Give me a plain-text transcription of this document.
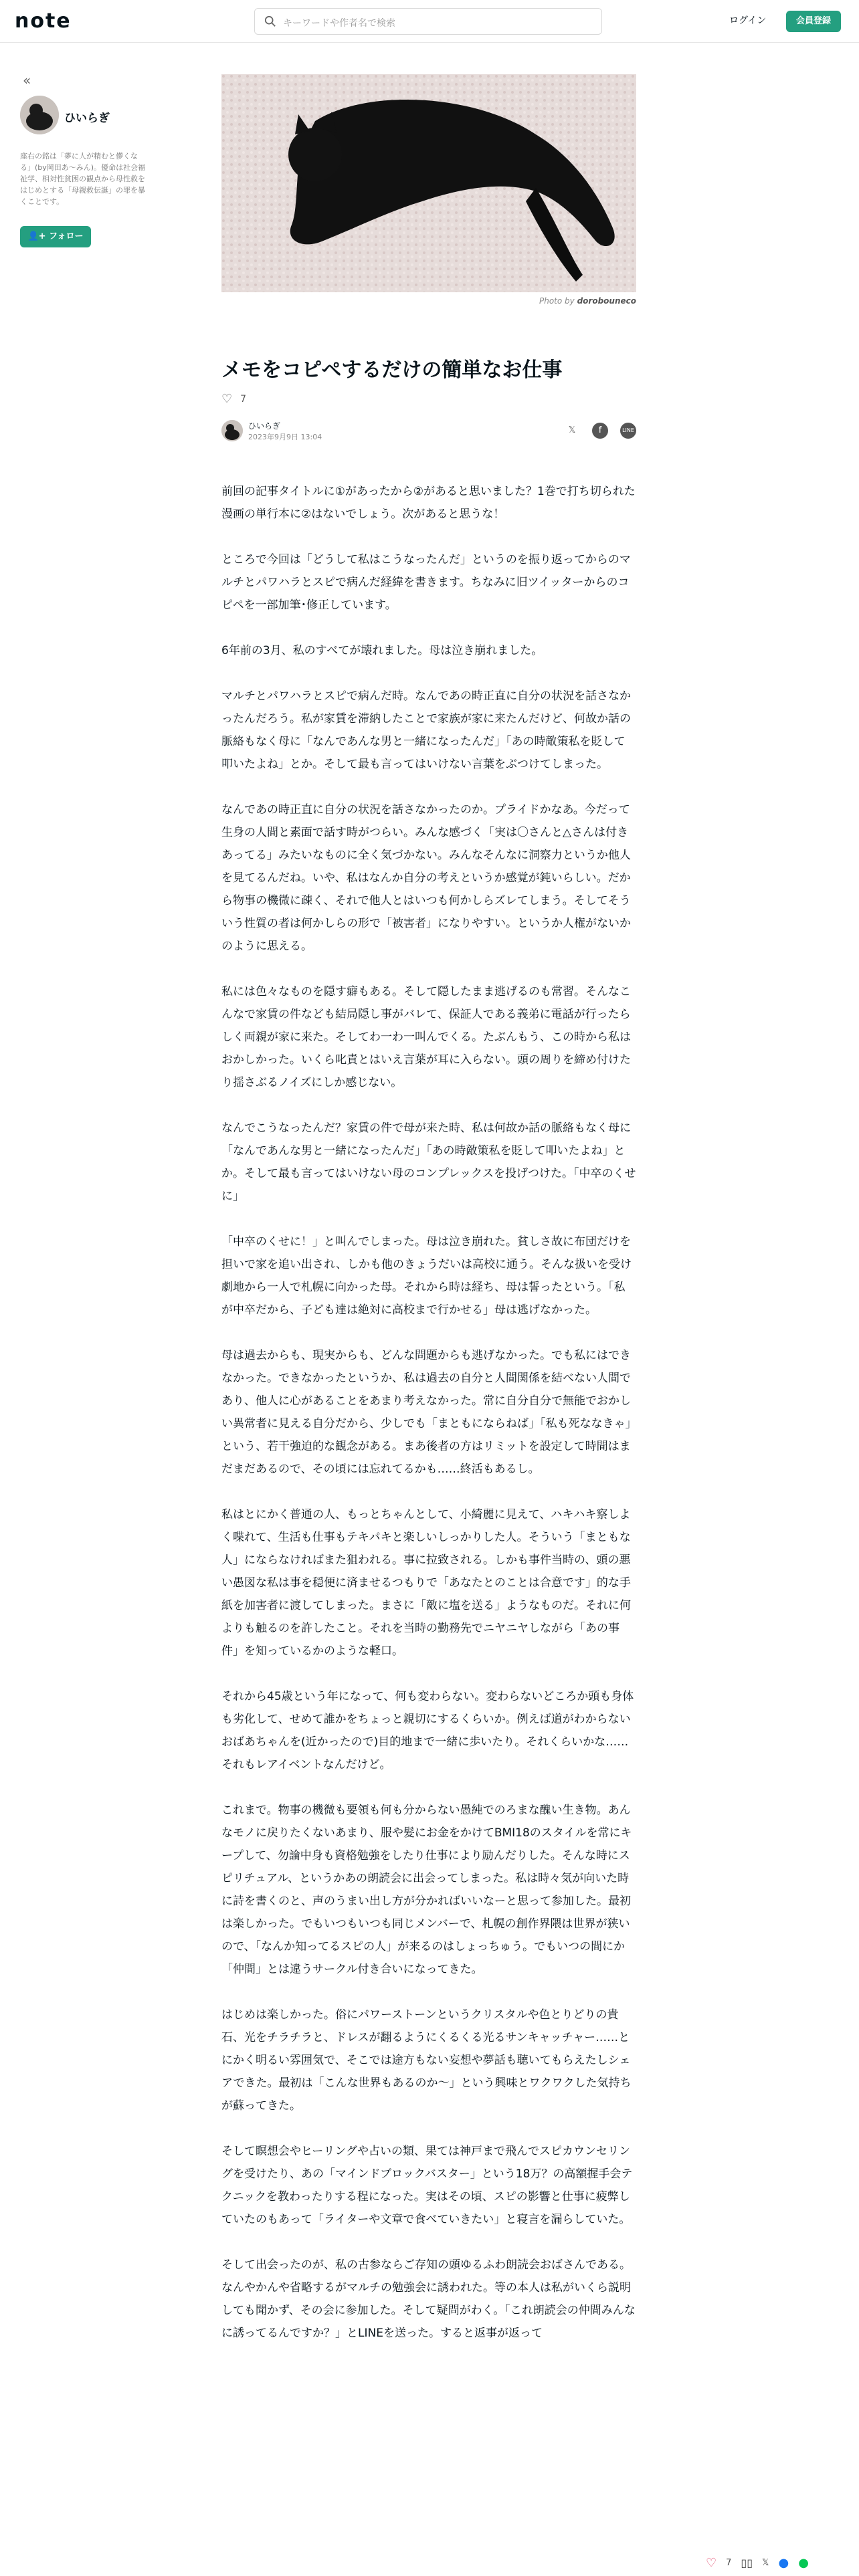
note	キーワードや作者名で検索	ログイン	会員登録
«
ひいらぎ
座右の銘は「夢に人が精むと儚くなる」(by岡田あ〜みん)。優命は社会福祉学、相対性貧困の観点から母性救をはじめとする「母親救伝誕」の罪を暴くことです。
👤+ フォロー
Photo by dorobouneco
メモをコピペするだけの簡単なお仕事
♡ 7
ひいらぎ
2023年9月9日 13:04
𝕏	f	LINE

前回の記事タイトルに①があったから②があると思いました？1巻で打ち切られた漫画の単行本に②はないでしょう。次があると思うな！

ところで今回は「どうして私はこうなったんだ」というのを振り返ってからのマルチとパワハラとスピで病んだ経緯を書きます。ちなみに旧ツイッターからのコピペを一部加筆･修正しています。

6年前の3月、私のすべてが壊れました。母は泣き崩れました。

マルチとパワハラとスピで病んだ時。なんであの時正直に自分の状況を話さなかったんだろう。私が家賃を滞納したことで家族が家に来たんだけど、何故か話の脈絡もなく母に「なんであんな男と一緒になったんだ」「あの時敵策私を貶して叩いたよね」とか。そして最も言ってはいけない言葉をぶつけてしまった。

なんであの時正直に自分の状況を話さなかったのか。プライドかなあ。今だって生身の人間と素面で話す時がつらい。みんな感づく「実は〇さんと△さんは付きあってる」みたいなものに全く気づかない。みんなそんなに洞察力というか他人を見てるんだね。いや、私はなんか自分の考えというか感覚が鈍いらしい。だから物事の機微に疎く、それで他人とはいつも何かしらズレてしまう。そしてそういう性質の者は何かしらの形で「被害者」になりやすい。というか人権がないかのように思える。

私には色々なものを隠す癖もある。そして隠したまま逃げるのも常習。そんなこんなで家賃の件なども結局隠し事がバレて、保証人である義弟に電話が行ったらしく両親が家に来た。そしてわ一わ一叫んでくる。たぶんもう、この時から私はおかしかった。いくら叱責とはいえ言葉が耳に入らない。頭の周りを締め付けたり揺さぶるノイズにしか感じない。

なんでこうなったんだ？家賃の件で母が来た時、私は何故か話の脈絡もなく母に「なんであんな男と一緒になったんだ」「あの時敵策私を貶して叩いたよね」とか。そして最も言ってはいけない母のコンプレックスを投げつけた。「中卒のくせに」

「中卒のくせに！」と叫んでしまった。母は泣き崩れた。貧しさ故に布団だけを担いで家を追い出され、しかも他のきょうだいは高校に通う。そんな扱いを受け劇地から一人で札幌に向かった母。それから時は経ち、母は誓ったという。「私が中卒だから、子ども達は絶対に高校まで行かせる」母は逃げなかった。

母は過去からも、現実からも、どんな問題からも逃げなかった。でも私にはできなかった。できなかったというか、私は過去の自分と人間関係を結べない人間であり、他人に心があることをあまり考えなかった。常に自分自分で無能でおかしい異常者に見える自分だから、少しでも「まともにならねば」「私も死ななきゃ」という、若干強迫的な観念がある。まあ後者の方はリミットを設定して時間はまだまだあるので、その頃には忘れてるかも……終活もあるし。

私はとにかく普通の人、もっとちゃんとして、小綺麗に見えて、ハキハキ察しよく喋れて、生活も仕事もテキパキと楽しいしっかりした人。そういう「まともな人」にならなければまた狙われる。事に拉致される。しかも事件当時の、頭の悪い愚図な私は事を穏便に済ませるつもりで「あなたとのことは合意です」的な手紙を加害者に渡してしまった。まさに「敵に塩を送る」ようなものだ。それに何よりも触るのを許したこと。それを当時の勤務先でニヤニヤしながら「あの事件」を知っているかのような軽口。

それから45歳という年になって、何も変わらない。変わらないどころか頭も身体も劣化して、せめて誰かをちょっと親切にするくらいか。例えば道がわからないおばあちゃんを(近かったので)目的地まで一緒に歩いたり。それくらいかな……それもレアイベントなんだけど。

これまで。物事の機微も要領も何も分からない愚純でのろまな醜い生き物。あんなモノに戻りたくないあまり、服や髪にお金をかけてBMI18のスタイルを常にキープして、勿論中身も資格勉強をしたり仕事により励んだりした。そんな時にスピリチュアル、というかあの朗読会に出会ってしまった。私は時々気が向いた時に詩を書くのと、声のうまい出し方が分かればいいなーと思って参加した。最初は楽しかった。でもいつもいつも同じメンバーで、札幌の創作界隈は世界が狭いので、「なんか知ってるスピの人」が来るのはしょっちゅう。でもいつの間にか「仲間」とは違うサークル付き合いになってきた。

はじめは楽しかった。俗にパワーストーンというクリスタルや色とりどりの貴石、光をチラチラと、ドレスが翻るようにくるくる光るサンキャッチャー……とにかく明るい雰囲気で、そこでは途方もない妄想や夢話も聴いてもらえたしシェアできた。最初は「こんな世界もあるのか～」という興味とワクワクした気持ちが蘇ってきた。

そして瞑想会やヒーリングや占いの類、果ては神戸まで飛んでスピカウンセリングを受けたり、あの「マインドブロックバスター」という18万？の高額握手会テクニックを教わったりする程になった。実はその頃、スピの影響と仕事に疲弊していたのもあって「ライターや文章で食べていきたい」と寝言を漏らしていた。

そして出会ったのが、私の古参ならご存知の頭ゆるふわ朗読会おばさんである。なんやかんや省略するがマルチの勉強会に誘われた。等の本人は私がいくら説明しても聞かず、その会に参加した。そして疑問がわく。「これ朗読会の仲間みんなに誘ってるんですか？」とLINEを送った。すると返事が返って

♡ 7 ▯▯ 𝕏 ● ●
